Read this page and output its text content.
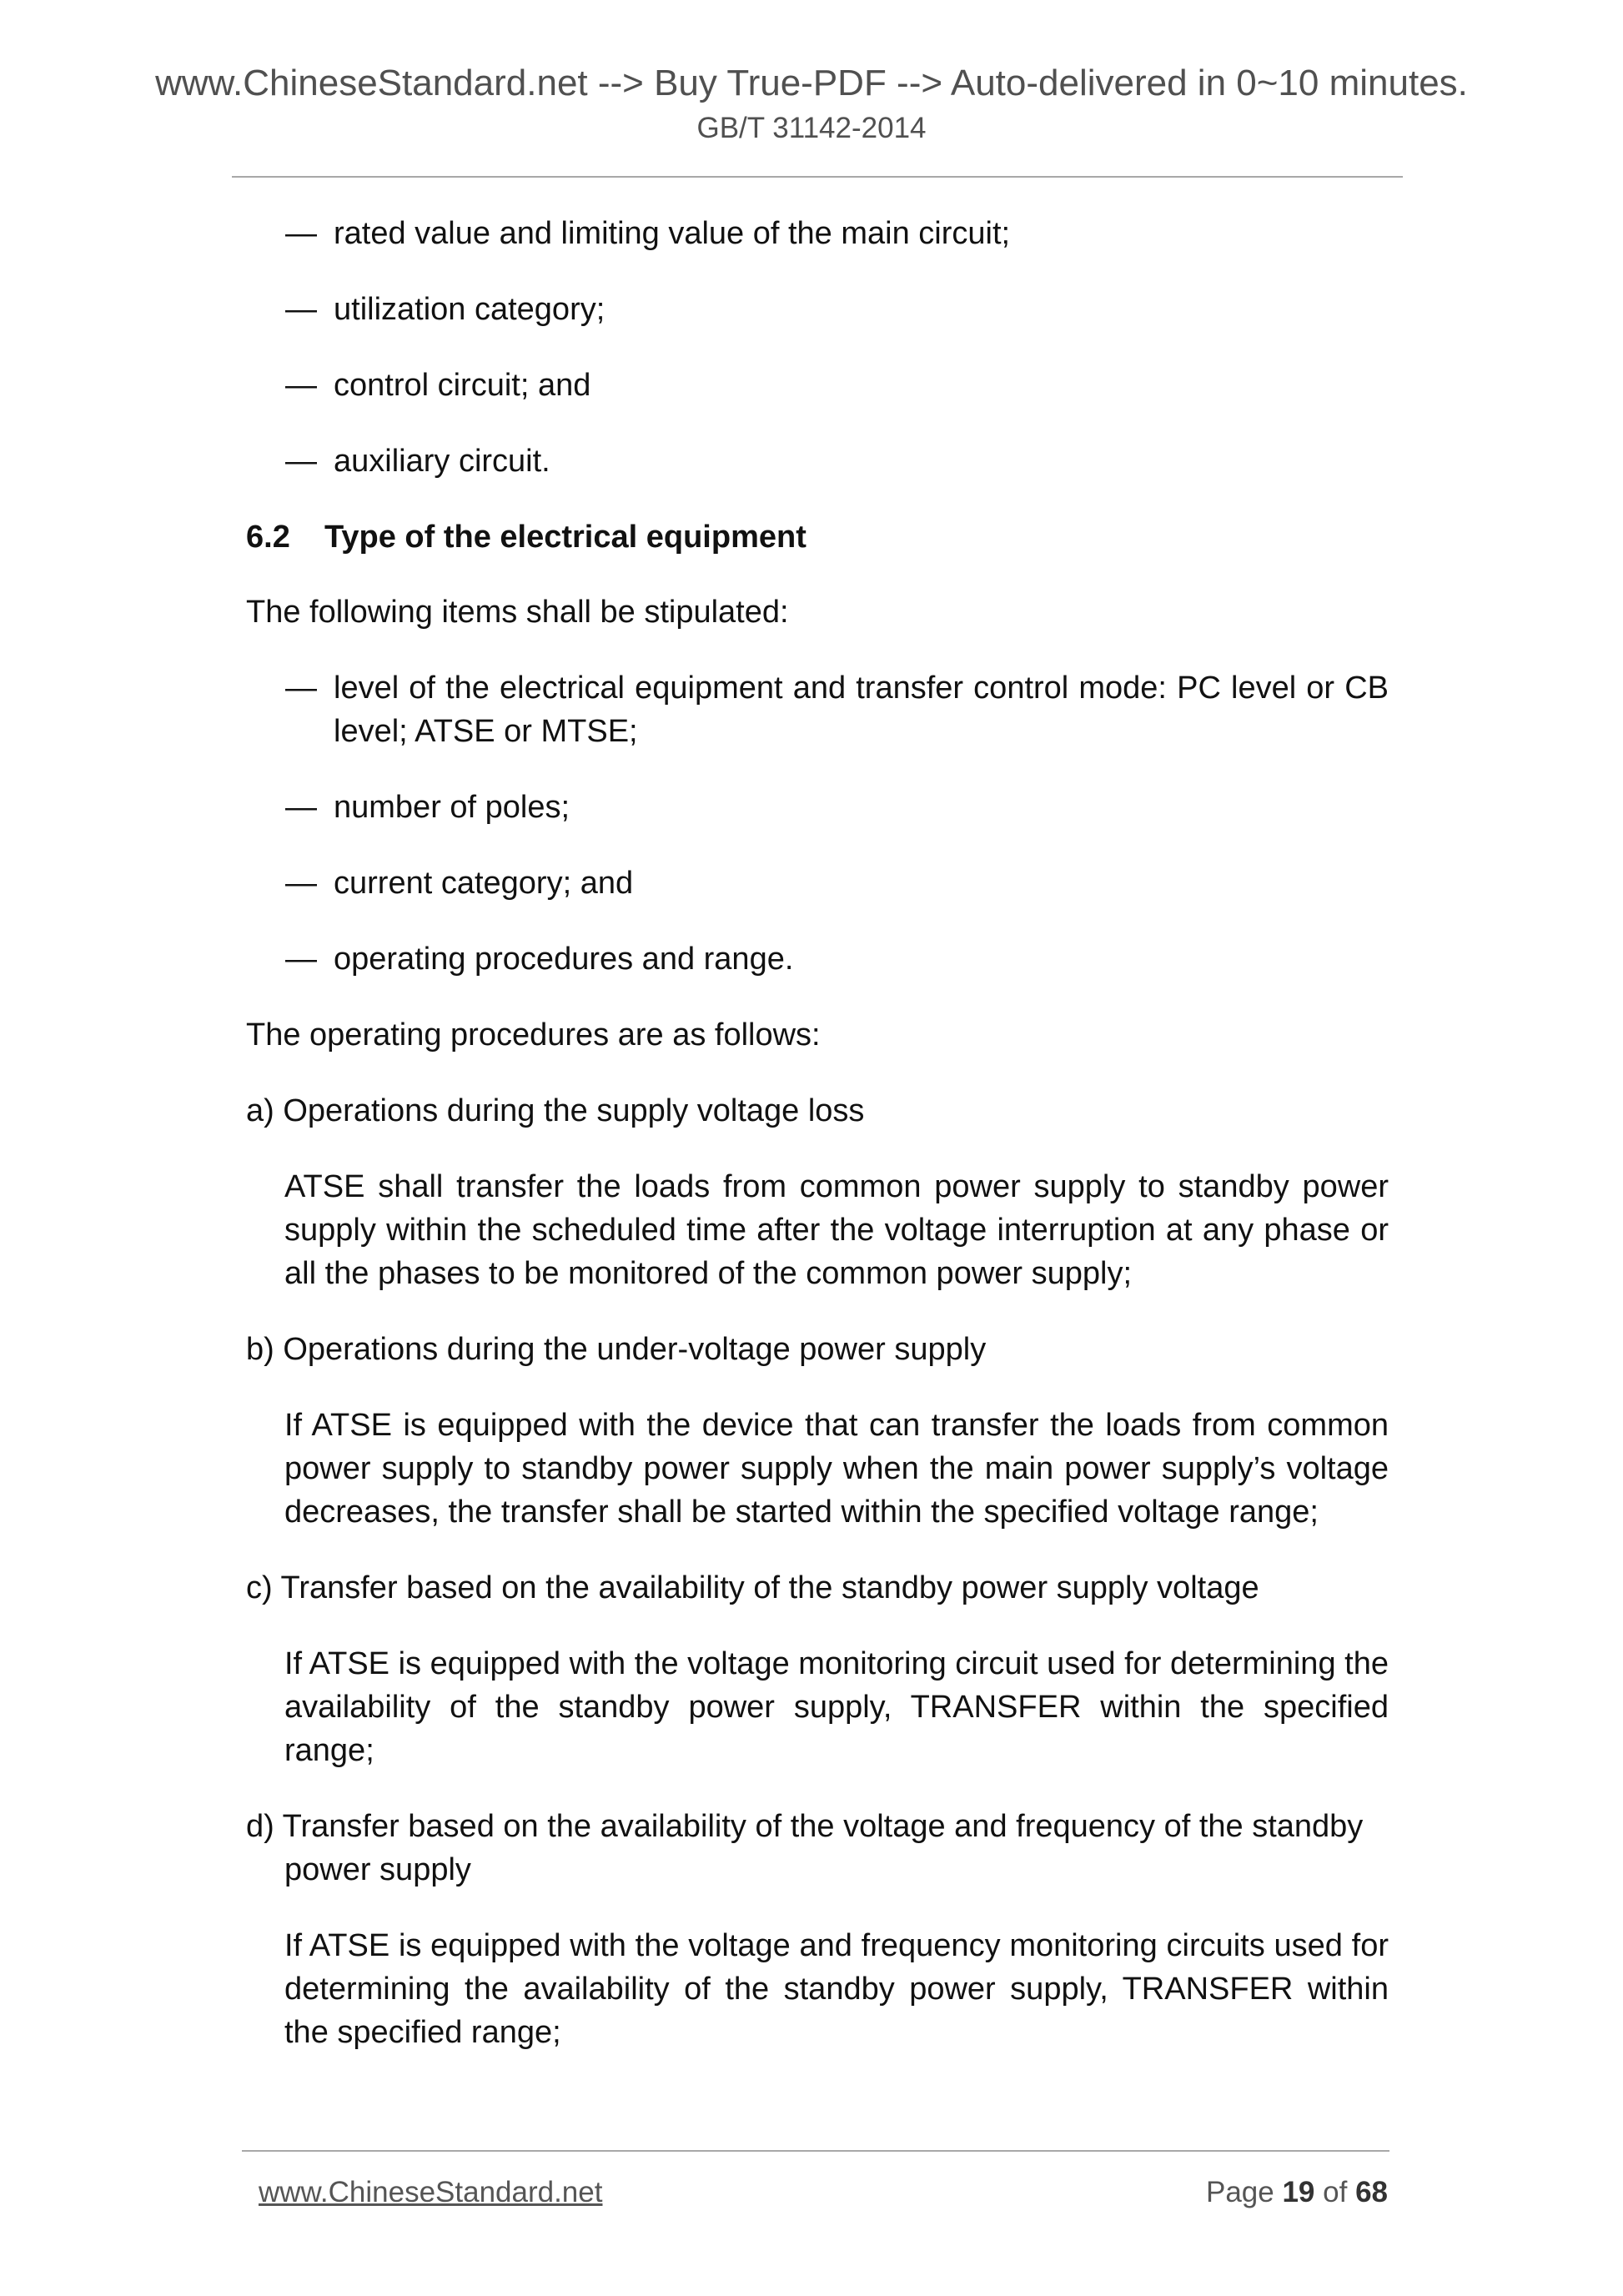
www.ChineseStandard.net --> Buy True-PDF --> Auto-delivered in 0~10 minutes.
GB/T 31142-2014
— rated value and limiting value of the main circuit;
— utilization category;
— control circuit; and
— auxiliary circuit.
6.2 Type of the electrical equipment
The following items shall be stipulated:
— level of the electrical equipment and transfer control mode: PC level or CB level; ATSE or MTSE;
— number of poles;
— current category; and
— operating procedures and range.
The operating procedures are as follows:
a) Operations during the supply voltage loss
ATSE shall transfer the loads from common power supply to standby power supply within the scheduled time after the voltage interruption at any phase or all the phases to be monitored of the common power supply;
b) Operations during the under-voltage power supply
If ATSE is equipped with the device that can transfer the loads from common power supply to standby power supply when the main power supply’s voltage decreases, the transfer shall be started within the specified voltage range;
c) Transfer based on the availability of the standby power supply voltage
If ATSE is equipped with the voltage monitoring circuit used for determining the availability of the standby power supply, TRANSFER within the specified range;
d) Transfer based on the availability of the voltage and frequency of the standby power supply
If ATSE is equipped with the voltage and frequency monitoring circuits used for determining the availability of the standby power supply, TRANSFER within the specified range;
www.ChineseStandard.net	Page 19 of 68
